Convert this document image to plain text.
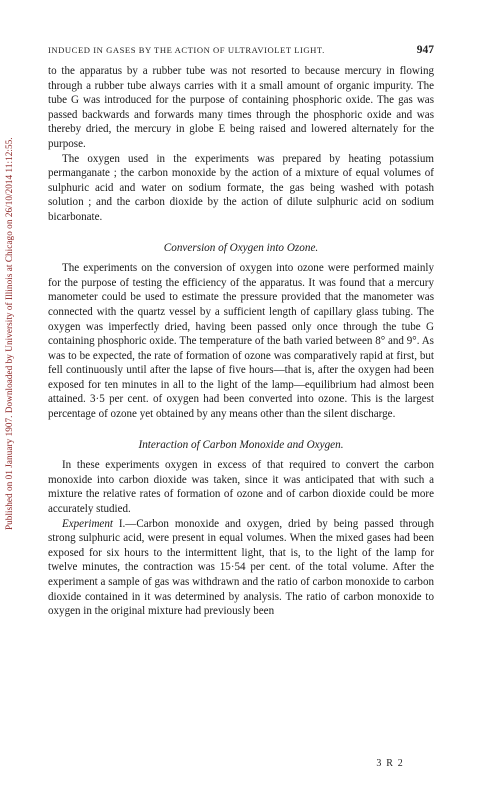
Published on 01 January 1907. Downloaded by University of Illinois at Chicago on 26/10/2014 11:12:55.
INDUCED IN GASES BY THE ACTION OF ULTRAVIOLET LIGHT.	947

to the apparatus by a rubber tube was not resorted to because mercury in flowing through a rubber tube always carries with it a small amount of organic impurity. The tube G was introduced for the purpose of containing phosphoric oxide. The gas was passed backwards and forwards many times through the phosphoric oxide and was thereby dried, the mercury in globe E being raised and lowered alternately for the purpose.

The oxygen used in the experiments was prepared by heating potassium permanganate ; the carbon monoxide by the action of a mixture of equal volumes of sulphuric acid and water on sodium formate, the gas being washed with potash solution ; and the carbon dioxide by the action of dilute sulphuric acid on sodium bicarbonate.

Conversion of Oxygen into Ozone.

The experiments on the conversion of oxygen into ozone were performed mainly for the purpose of testing the efficiency of the apparatus. It was found that a mercury manometer could be used to estimate the pressure provided that the manometer was connected with the quartz vessel by a sufficient length of capillary glass tubing. The oxygen was imperfectly dried, having been passed only once through the tube G containing phosphoric oxide. The temperature of the bath varied between 8° and 9°. As was to be expected, the rate of formation of ozone was comparatively rapid at first, but fell continuously until after the lapse of five hours—that is, after the oxygen had been exposed for ten minutes in all to the light of the lamp—equilibrium had almost been attained. 3·5 per cent. of oxygen had been converted into ozone. This is the largest percentage of ozone yet obtained by any means other than the silent discharge.

Interaction of Carbon Monoxide and Oxygen.

In these experiments oxygen in excess of that required to convert the carbon monoxide into carbon dioxide was taken, since it was anticipated that with such a mixture the relative rates of formation of ozone and of carbon dioxide could be more accurately studied.

Experiment I.—Carbon monoxide and oxygen, dried by being passed through strong sulphuric acid, were present in equal volumes. When the mixed gases had been exposed for six hours to the intermittent light, that is, to the light of the lamp for twelve minutes, the contraction was 15·54 per cent. of the total volume. After the experiment a sample of gas was withdrawn and the ratio of carbon monoxide to carbon dioxide contained in it was determined by analysis. The ratio of carbon monoxide to oxygen in the original mixture had previously been

3 R 2
